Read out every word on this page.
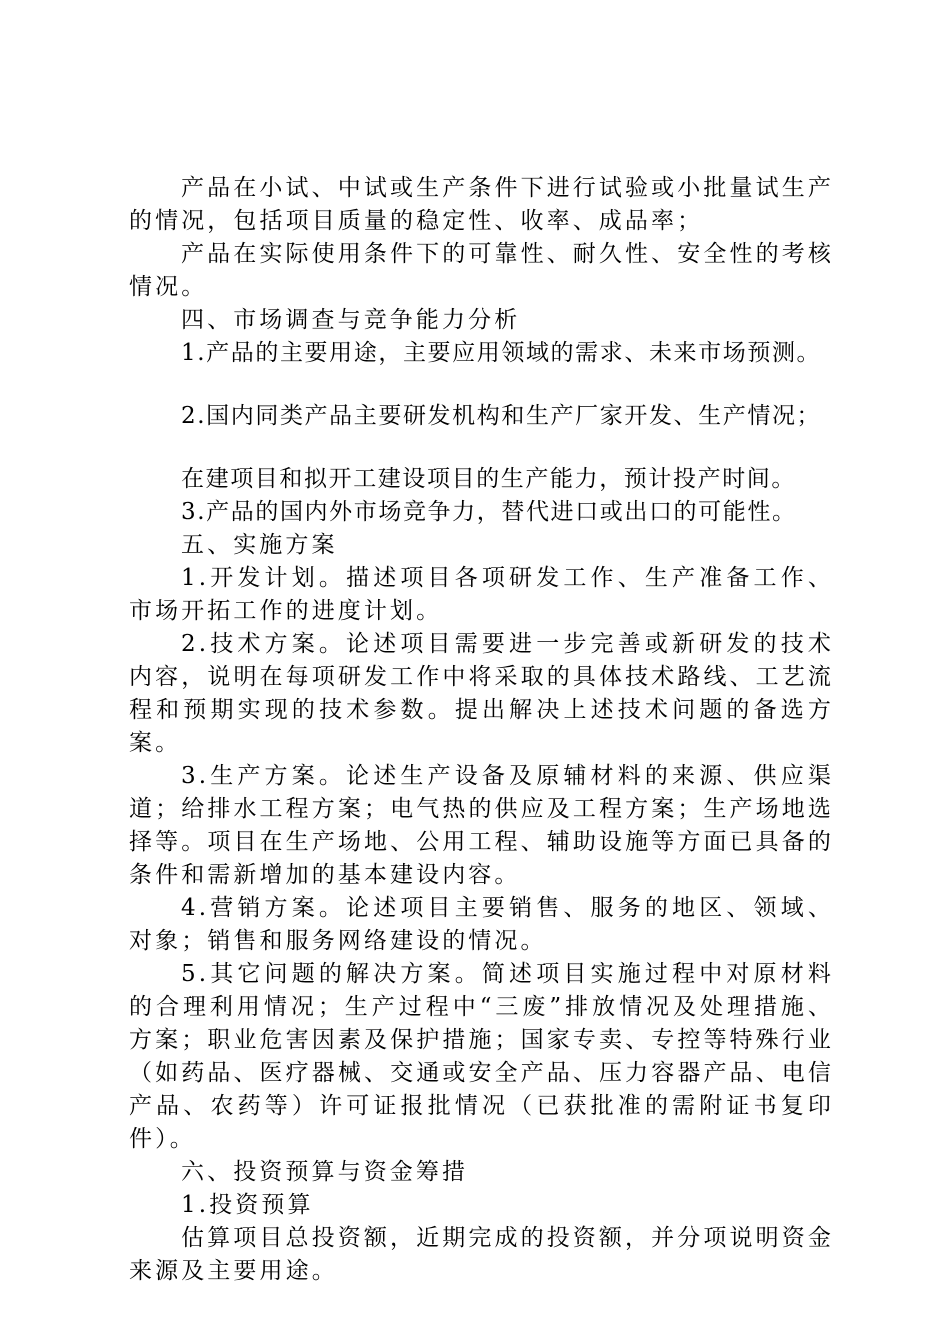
产品在小试、中试或生产条件下进行试验或小批量试生产的情况，包括项目质量的稳定性、收率、成品率；

产品在实际使用条件下的可靠性、耐久性、安全性的考核情况。

四、市场调查与竞争能力分析

1.产品的主要用途，主要应用领域的需求、未来市场预测。

2.国内同类产品主要研发机构和生产厂家开发、生产情况；

在建项目和拟开工建设项目的生产能力，预计投产时间。

3.产品的国内外市场竞争力，替代进口或出口的可能性。

五、实施方案

1.开发计划。描述项目各项研发工作、生产准备工作、市场开拓工作的进度计划。

2.技术方案。论述项目需要进一步完善或新研发的技术内容，说明在每项研发工作中将采取的具体技术路线、工艺流程和预期实现的技术参数。提出解决上述技术问题的备选方案。

3.生产方案。论述生产设备及原辅材料的来源、供应渠道；给排水工程方案；电气热的供应及工程方案；生产场地选择等。项目在生产场地、公用工程、辅助设施等方面已具备的条件和需新增加的基本建设内容。

4.营销方案。论述项目主要销售、服务的地区、领域、对象；销售和服务网络建设的情况。

5.其它问题的解决方案。简述项目实施过程中对原材料的合理利用情况；生产过程中“三废”排放情况及处理措施、方案；职业危害因素及保护措施；国家专卖、专控等特殊行业（如药品、医疗器械、交通或安全产品、压力容器产品、电信产品、农药等）许可证报批情况（已获批准的需附证书复印件）。

六、投资预算与资金筹措

1.投资预算

估算项目总投资额，近期完成的投资额，并分项说明资金来源及主要用途。
